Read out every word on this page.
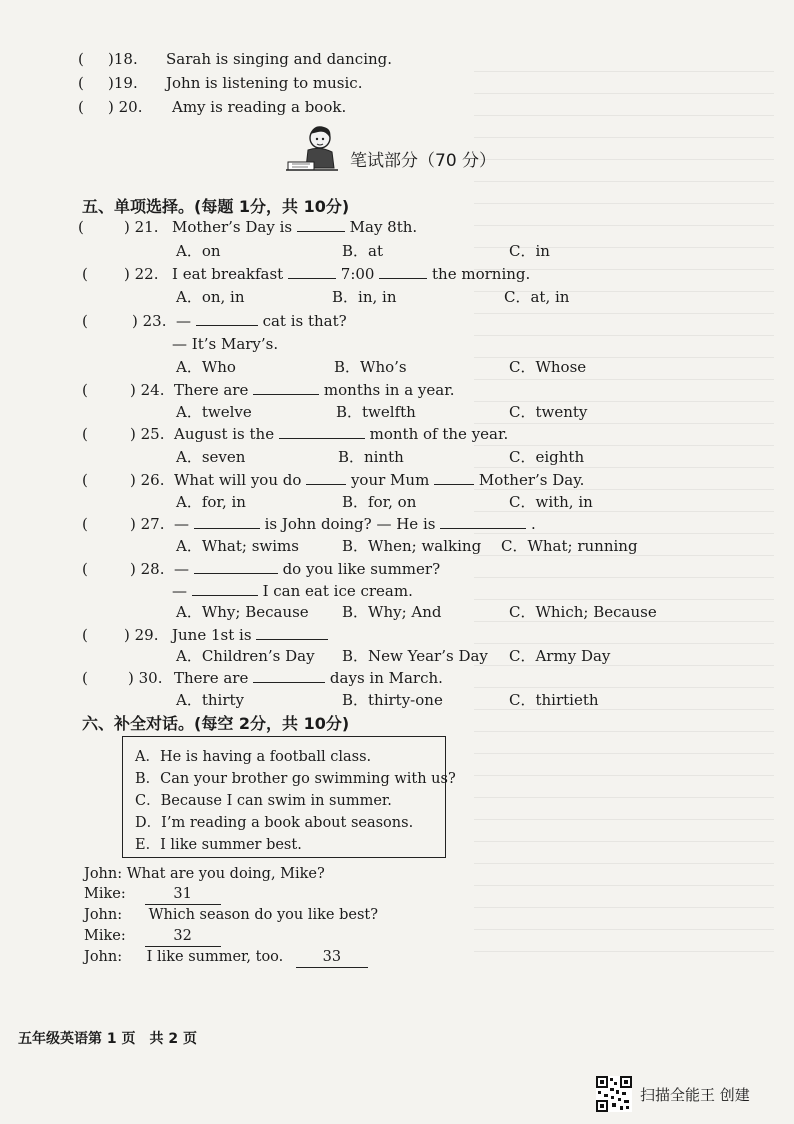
( )18. Sarah is singing and dancing.
( )19. John is listening to music.
( ) 20. Amy is reading a book.
笔试部分（70 分）
五、单项选择。(每题 1分，共 10分)
(	) 21. Mother’s Day is	May 8th.
A．on	B．at	C．in
( ) 22. I eat breakfast	7:00	the morning.
A．on, in	B．in, in	C．at, in
(	) 23. —	cat is that?
— It’s Mary’s.
A．Who	B．Who’s	C．Whose
(	) 24. There are	months in a year.
A．twelve	B．twelfth	C．twenty
(	) 25. August is the	month of the year.
A．seven	B．ninth	C．eighth
(	) 26. What will you do	your Mum	Mother’s Day.
A．for, in	B．for, on	C．with, in
(	) 27. —	is John doing? — He is	.
A．What; swims	B．When; walking C．What; running
(	) 28. —	do you like summer?
—	I can eat ice cream.
A．Why; Because B．Why; And	C．Which; Because
( ) 29. June 1st is
A．Children’s Day B．New Year’s Day C．Army Day
(	) 30. There are	days in March.
A．thirty	B．thirty-one	C．thirtieth
六、补全对话。(每空 2分，共 10分)
A．He is having a football class.
B．Can your brother go swimming with us?
C．Because I can swim in summer.
D．I’m reading a book about seasons.
E．I like summer best.
John: What are you doing, Mike?
Mike:	31
John: Which season do you like best?
Mike:	32
John: I like summer, too.	33
五年级英语第 1 页　共 2 页
扫描全能王 创建
